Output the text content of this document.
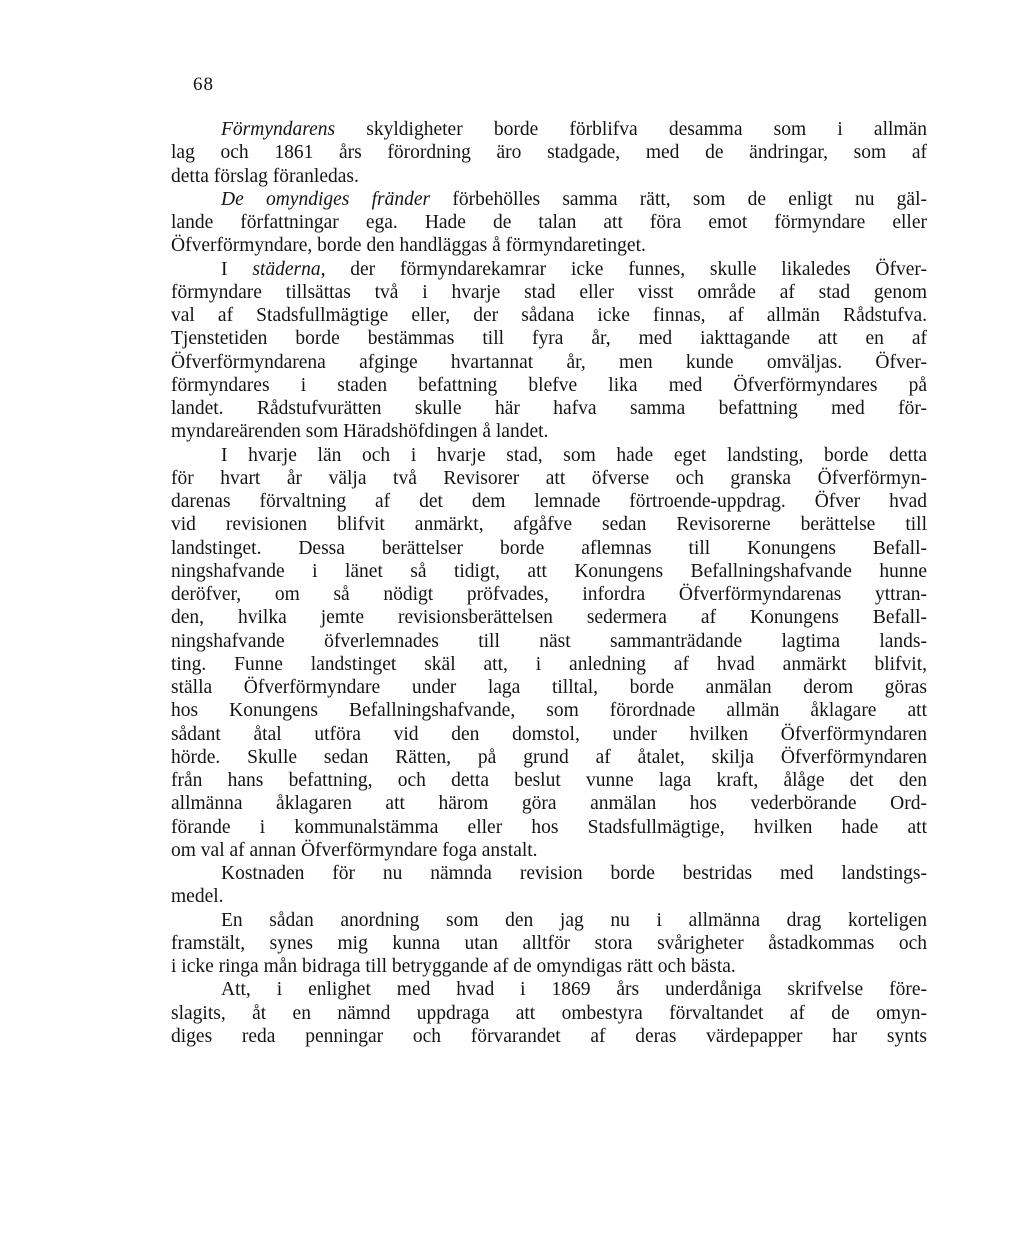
68
Förmyndarens skyldigheter borde förblifva desamma som i allmän
lag och 1861 års förordning äro stadgade, med de ändringar, som af
detta förslag föranledas.
De omyndiges fränder förbehölles samma rätt, som de enligt nu gäl-
lande författningar ega. Hade de talan att föra emot förmyndare eller
Öfverförmyndare, borde den handläggas å förmyndaretinget.
I städerna, der förmyndarekamrar icke funnes, skulle likaledes Öfver-
förmyndare tillsättas två i hvarje stad eller visst område af stad genom
val af Stadsfullmägtige eller, der sådana icke finnas, af allmän Rådstufva.
Tjenstetiden borde bestämmas till fyra år, med iakttagande att en af
Öfverförmyndarena afginge hvartannat år, men kunde omväljas. Öfver-
förmyndares i staden befattning blefve lika med Öfverförmyndares på
landet. Rådstufvurätten skulle här hafva samma befattning med för-
myndareärenden som Häradshöfdingen å landet.
I hvarje län och i hvarje stad, som hade eget landsting, borde detta
för hvart år välja två Revisorer att öfverse och granska Öfverförmyn-
darenas förvaltning af det dem lemnade förtroende-uppdrag. Öfver hvad
vid revisionen blifvit anmärkt, afgåfve sedan Revisorerne berättelse till
landstinget. Dessa berättelser borde aflemnas till Konungens Befall-
ningshafvande i länet så tidigt, att Konungens Befallningshafvande hunne
deröfver, om så nödigt pröfvades, infordra Öfverförmyndarenas yttran-
den, hvilka jemte revisionsberättelsen sedermera af Konungens Befall-
ningshafvande öfverlemnades till näst sammanträdande lagtima lands-
ting. Funne landstinget skäl att, i anledning af hvad anmärkt blifvit,
ställa Öfverförmyndare under laga tilltal, borde anmälan derom göras
hos Konungens Befallningshafvande, som förordnade allmän åklagare att
sådant åtal utföra vid den domstol, under hvilken Öfverförmyndaren
hörde. Skulle sedan Rätten, på grund af åtalet, skilja Öfverförmyndaren
från hans befattning, och detta beslut vunne laga kraft, ålåge det den
allmänna åklagaren att härom göra anmälan hos vederbörande Ord-
förande i kommunalstämma eller hos Stadsfullmägtige, hvilken hade att
om val af annan Öfverförmyndare foga anstalt.
Kostnaden för nu nämnda revision borde bestridas med landstings-
medel.
En sådan anordning som den jag nu i allmänna drag korteligen
framstält, synes mig kunna utan alltför stora svårigheter åstadkommas och
i icke ringa mån bidraga till betryggande af de omyndigas rätt och bästa.
Att, i enlighet med hvad i 1869 års underdåniga skrifvelse före-
slagits, åt en nämnd uppdraga att ombestyra förvaltandet af de omyn-
diges reda penningar och förvarandet af deras värdepapper har synts
